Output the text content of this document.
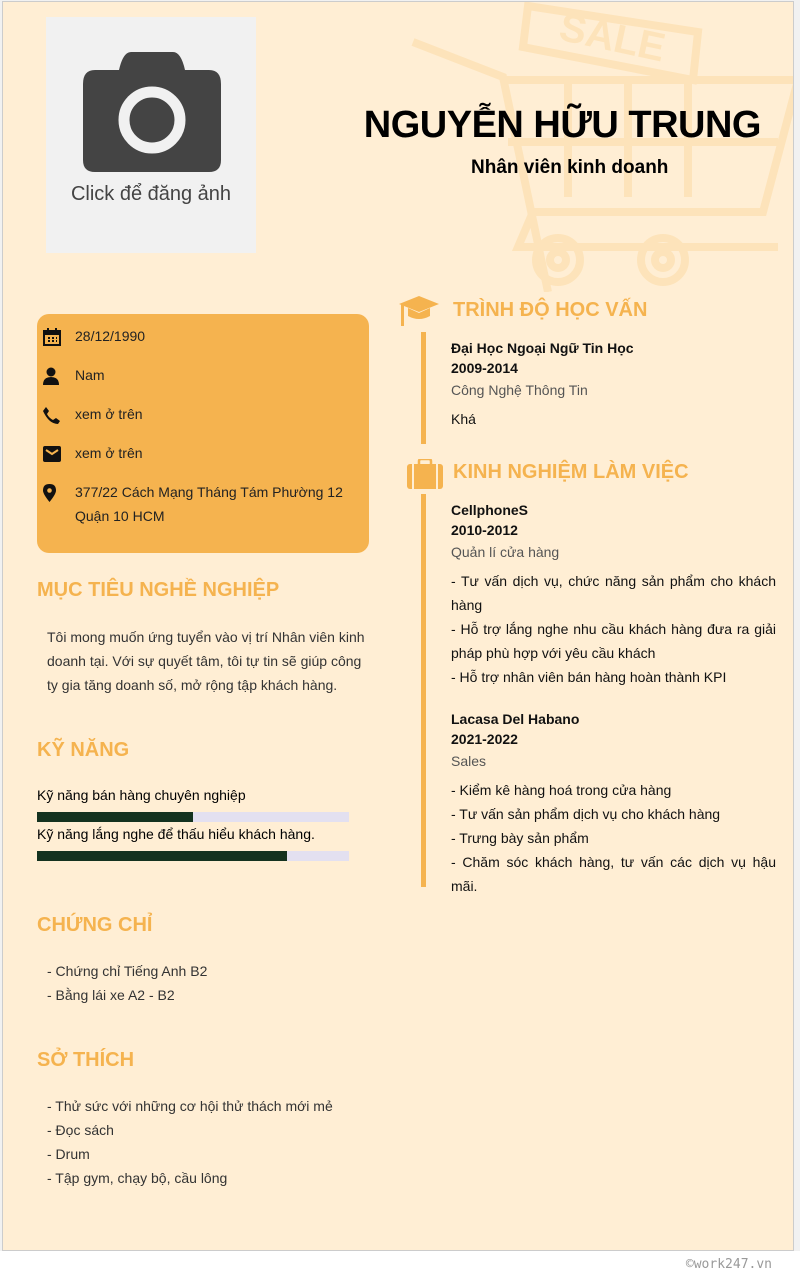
SALE
Click để đăng ảnh
NGUYỄN HỮU TRUNG
Nhân viên kinh doanh
28/12/1990
Nam
xem ở trên
xem ở trên
377/22 Cách Mạng Tháng Tám Phường 12
Quận 10 HCM
MỤC TIÊU NGHỀ NGHIỆP
Tôi mong muốn ứng tuyển vào vị trí Nhân viên kinh doanh tại. Với sự quyết tâm, tôi tự tin sẽ giúp công ty gia tăng doanh số, mở rộng tập khách hàng.
KỸ NĂNG
Kỹ năng bán hàng chuyên nghiệp
Kỹ năng lắng nghe để thấu hiểu khách hàng.
CHỨNG CHỈ
- Chứng chỉ Tiếng Anh B2
- Bằng lái xe A2 - B2
SỞ THÍCH
- Thử sức với những cơ hội thử thách mới mẻ
- Đọc sách
- Drum
- Tập gym, chạy bộ, cầu lông
TRÌNH ĐỘ HỌC VẤN
Đại Học Ngoại Ngữ Tin Học
2009-2014
Công Nghệ Thông Tin
Khá
KINH NGHIỆM LÀM VIỆC
CellphoneS
2010-2012
Quản lí cửa hàng
- Tư vấn dịch vụ, chức năng sản phẩm cho khách hàng
- Hỗ trợ lắng nghe nhu cầu khách hàng đưa ra giải pháp phù hợp với yêu cầu khách
- Hỗ trợ nhân viên bán hàng hoàn thành KPI
Lacasa Del Habano
2021-2022
Sales
- Kiểm kê hàng hoá trong cửa hàng
- Tư vấn sản phẩm dịch vụ cho khách hàng
- Trưng bày sản phẩm
- Chăm sóc khách hàng, tư vấn các dịch vụ hậu mãi.
©work247.vn
